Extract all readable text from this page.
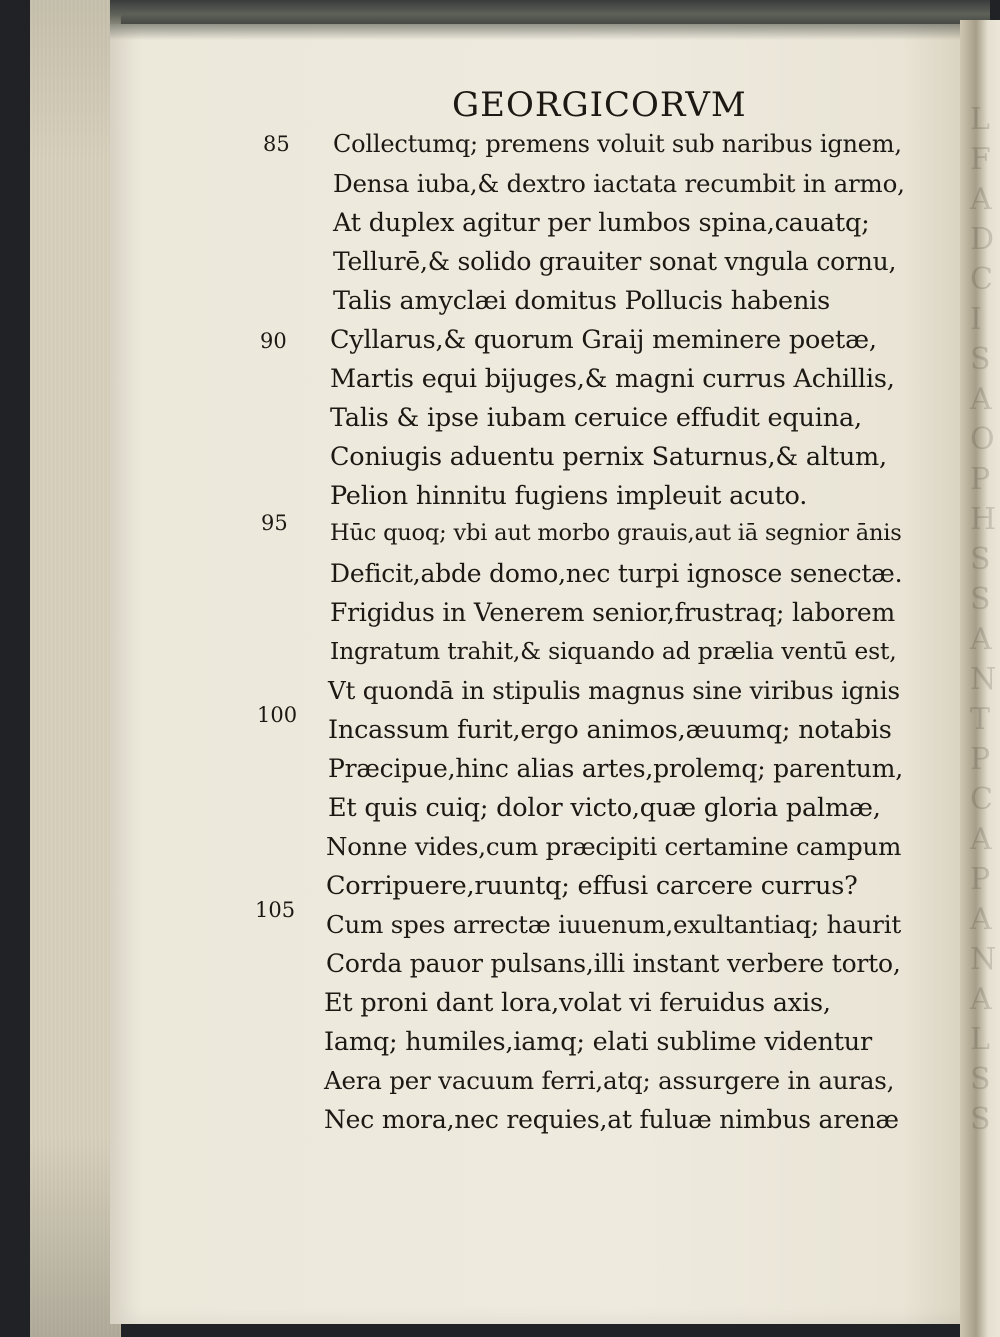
L
F
A
D
C
I
S
A
O
P
H
S
S
A
N
T
P
C
A
P
A
N
A
L
S
S
GEORGICORVM
85
90
95
100
105
Collectumq; premens voluit sub naribus ignem,
Densa iuba,& dextro iactata recumbit in armo,
At duplex agitur per lumbos spina,cauatq;
Tellurē,& solido grauiter sonat vngula cornu,
Talis amyclæi domitus Pollucis habenis
Cyllarus,& quorum Graij meminere poetæ,
Martis equi bijuges,& magni currus Achillis,
Talis & ipse iubam ceruice effudit equina,
Coniugis aduentu pernix Saturnus,& altum,
Pelion hinnitu fugiens impleuit acuto.
Hūc quoq; vbi aut morbo grauis,aut iā segnior ānis
Deficit,abde domo,nec turpi ignosce senectæ.
Frigidus in Venerem senior,frustraq; laborem
Ingratum trahit,& siquando ad prælia ventū est,
Vt quondā in stipulis magnus sine viribus ignis
Incassum furit,ergo animos,æuumq; notabis
Præcipue,hinc alias artes,prolemq; parentum,
Et quis cuiq; dolor victo,quæ gloria palmæ,
Nonne vides,cum præcipiti certamine campum
Corripuere,ruuntq; effusi carcere currus?
Cum spes arrectæ iuuenum,exultantiaq; haurit
Corda pauor pulsans,illi instant verbere torto,
Et proni dant lora,volat vi feruidus axis,
Iamq; humiles,iamq; elati sublime videntur
Aera per vacuum ferri,atq; assurgere in auras,
Nec mora,nec requies,at fuluæ nimbus arenæ
